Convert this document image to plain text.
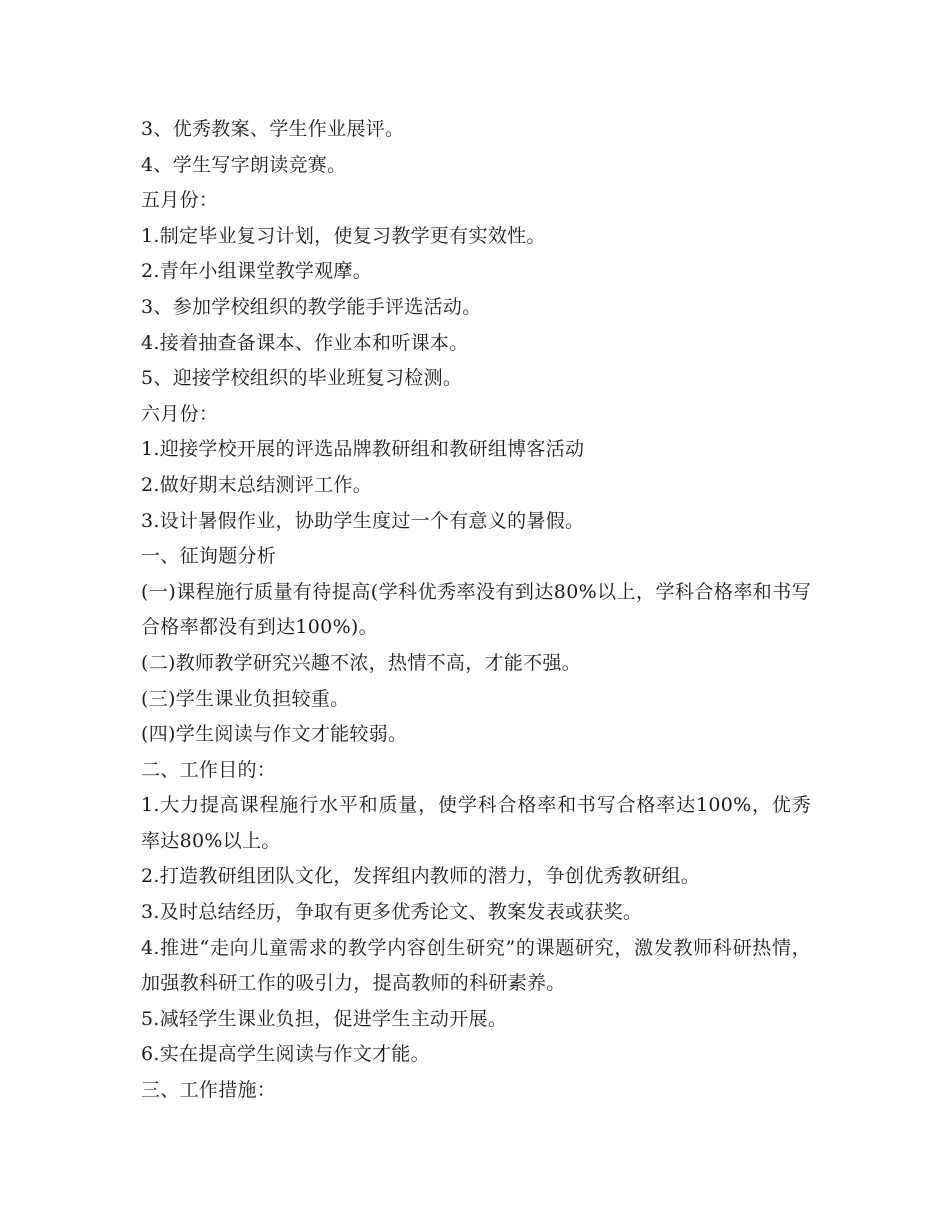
3、优秀教案、学生作业展评。
4、学生写字朗读竞赛。
五月份：
1.制定毕业复习计划，使复习教学更有实效性。
2.青年小组课堂教学观摩。
3、参加学校组织的教学能手评选活动。
4.接着抽查备课本、作业本和听课本。
5、迎接学校组织的毕业班复习检测。
六月份：
1.迎接学校开展的评选品牌教研组和教研组博客活动
2.做好期末总结测评工作。
3.设计暑假作业，协助学生度过一个有意义的暑假。
一、征询题分析
(一)课程施行质量有待提高(学科优秀率没有到达80%以上，学科合格率和书写合格率都没有到达100%)。
(二)教师教学研究兴趣不浓，热情不高，才能不强。
(三)学生课业负担较重。
(四)学生阅读与作文才能较弱。
二、工作目的：
1.大力提高课程施行水平和质量，使学科合格率和书写合格率达100%，优秀率达80%以上。
2.打造教研组团队文化，发挥组内教师的潜力，争创优秀教研组。
3.及时总结经历，争取有更多优秀论文、教案发表或获奖。
4.推进“走向儿童需求的教学内容创生研究”的课题研究，激发教师科研热情，加强教科研工作的吸引力，提高教师的科研素养。
5.减轻学生课业负担，促进学生主动开展。
6.实在提高学生阅读与作文才能。
三、工作措施：
